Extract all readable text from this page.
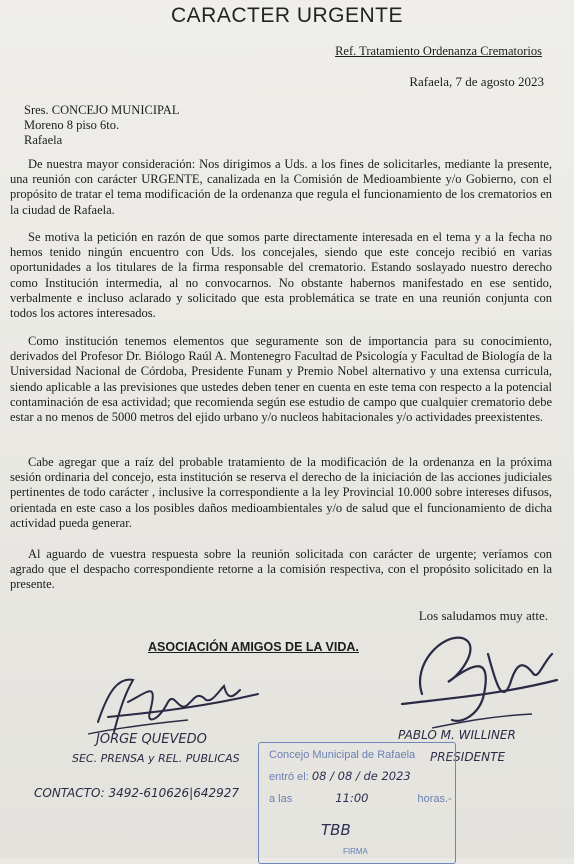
CARACTER URGENTE
Ref. Tratamiento Ordenanza Crematorios
Rafaela, 7 de agosto 2023
Sres. CONCEJO MUNICIPAL
Moreno 8 piso 6to.
Rafaela
De nuestra mayor consideración: Nos dirigimos a Uds. a los fines de solicitarles, mediante la presente, una reunión con carácter URGENTE, canalizada en la Comisión de Medioambiente y/o Gobierno, con el propósito de tratar el tema modificación de la ordenanza que regula el funcionamiento de los crematorios en la ciudad de Rafaela.
Se motiva la petición en razón de que somos parte directamente interesada en el tema y a la fecha no hemos tenido ningún encuentro con Uds. los concejales, siendo que este concejo recibió en varias oportunidades a los titulares de la firma responsable del crematorio. Estando soslayado nuestro derecho como Institución intermedia, al no convocarnos. No obstante habernos manifestado en ese sentido, verbalmente e incluso aclarado y solicitado que esta problemática se trate en una reunión conjunta con todos los actores interesados.
Como institución tenemos elementos que seguramente son de importancia para su conocimiento, derivados del Profesor Dr. Biólogo Raúl A. Montenegro Facultad de Psicología y Facultad de Biología de la Universidad Nacional de Córdoba, Presidente Funam y Premio Nobel alternativo y una extensa curricula, siendo aplicable a las previsiones que ustedes deben tener en cuenta en este tema con respecto a la potencial contaminación de esa actividad; que recomienda según ese estudio de campo que cualquier crematorio debe estar a no menos de 5000 metros del ejido urbano y/o nucleos habitacionales y/o actividades preexistentes.
Cabe agregar que a raíz del probable tratamiento de la modificación de la ordenanza en la próxima sesión ordinaria del concejo, esta institución se reserva el derecho de la iniciación de las acciones judiciales pertinentes de todo carácter , inclusive la correspondiente a la ley Provincial 10.000 sobre intereses difusos, orientada en este caso a los posibles daños medioambientales y/o de salud que el funcionamiento de dicha actividad pueda generar.
Al aguardo de vuestra respuesta sobre la reunión solicitada con carácter de urgente; veríamos con agrado que el despacho correspondiente retorne a la comisión respectiva, con el propósito solicitado en la presente.
Los saludamos muy atte.
ASOCIACIÓN AMIGOS DE LA VIDA.
JORGE QUEVEDO
SEC. PRENSA y REL. PUBLICAS
CONTACTO: 3492-610626|642927
PABLO M. WILLINER
PRESIDENTE
Concejo Municipal de Rafaela
entró el: 08 / 08 / de 2023
a las	11:00	horas.-
TBB
FIRMA
